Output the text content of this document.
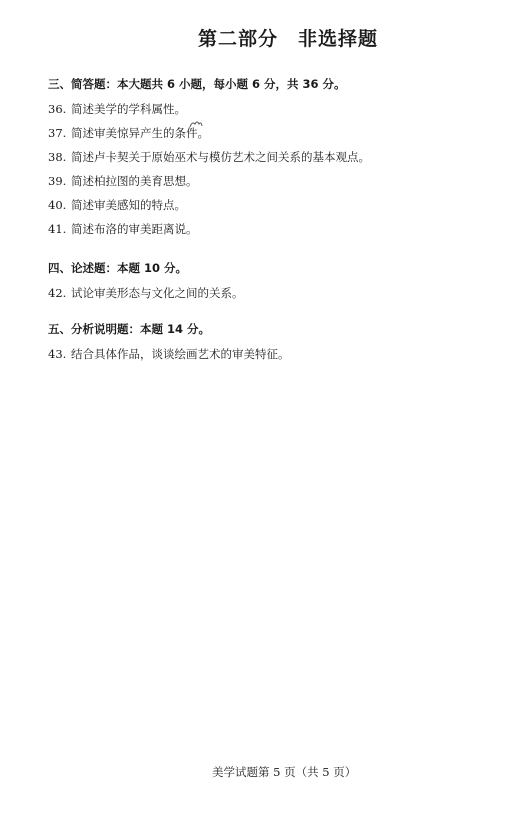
第二部分　非选择题
三、简答题：本大题共 6 小题，每小题 6 分，共 36 分。
36. 简述美学的学科属性。
37. 简述审美惊异产生的条件。
38. 简述卢卡契关于原始巫术与模仿艺术之间关系的基本观点。
39. 简述柏拉图的美育思想。
40. 简述审美感知的特点。
41. 简述布洛的审美距离说。
四、论述题：本题 10 分。
42. 试论审美形态与文化之间的关系。
五、分析说明题：本题 14 分。
43. 结合具体作品，谈谈绘画艺术的审美特征。
美学试题第 5 页（共 5 页）
